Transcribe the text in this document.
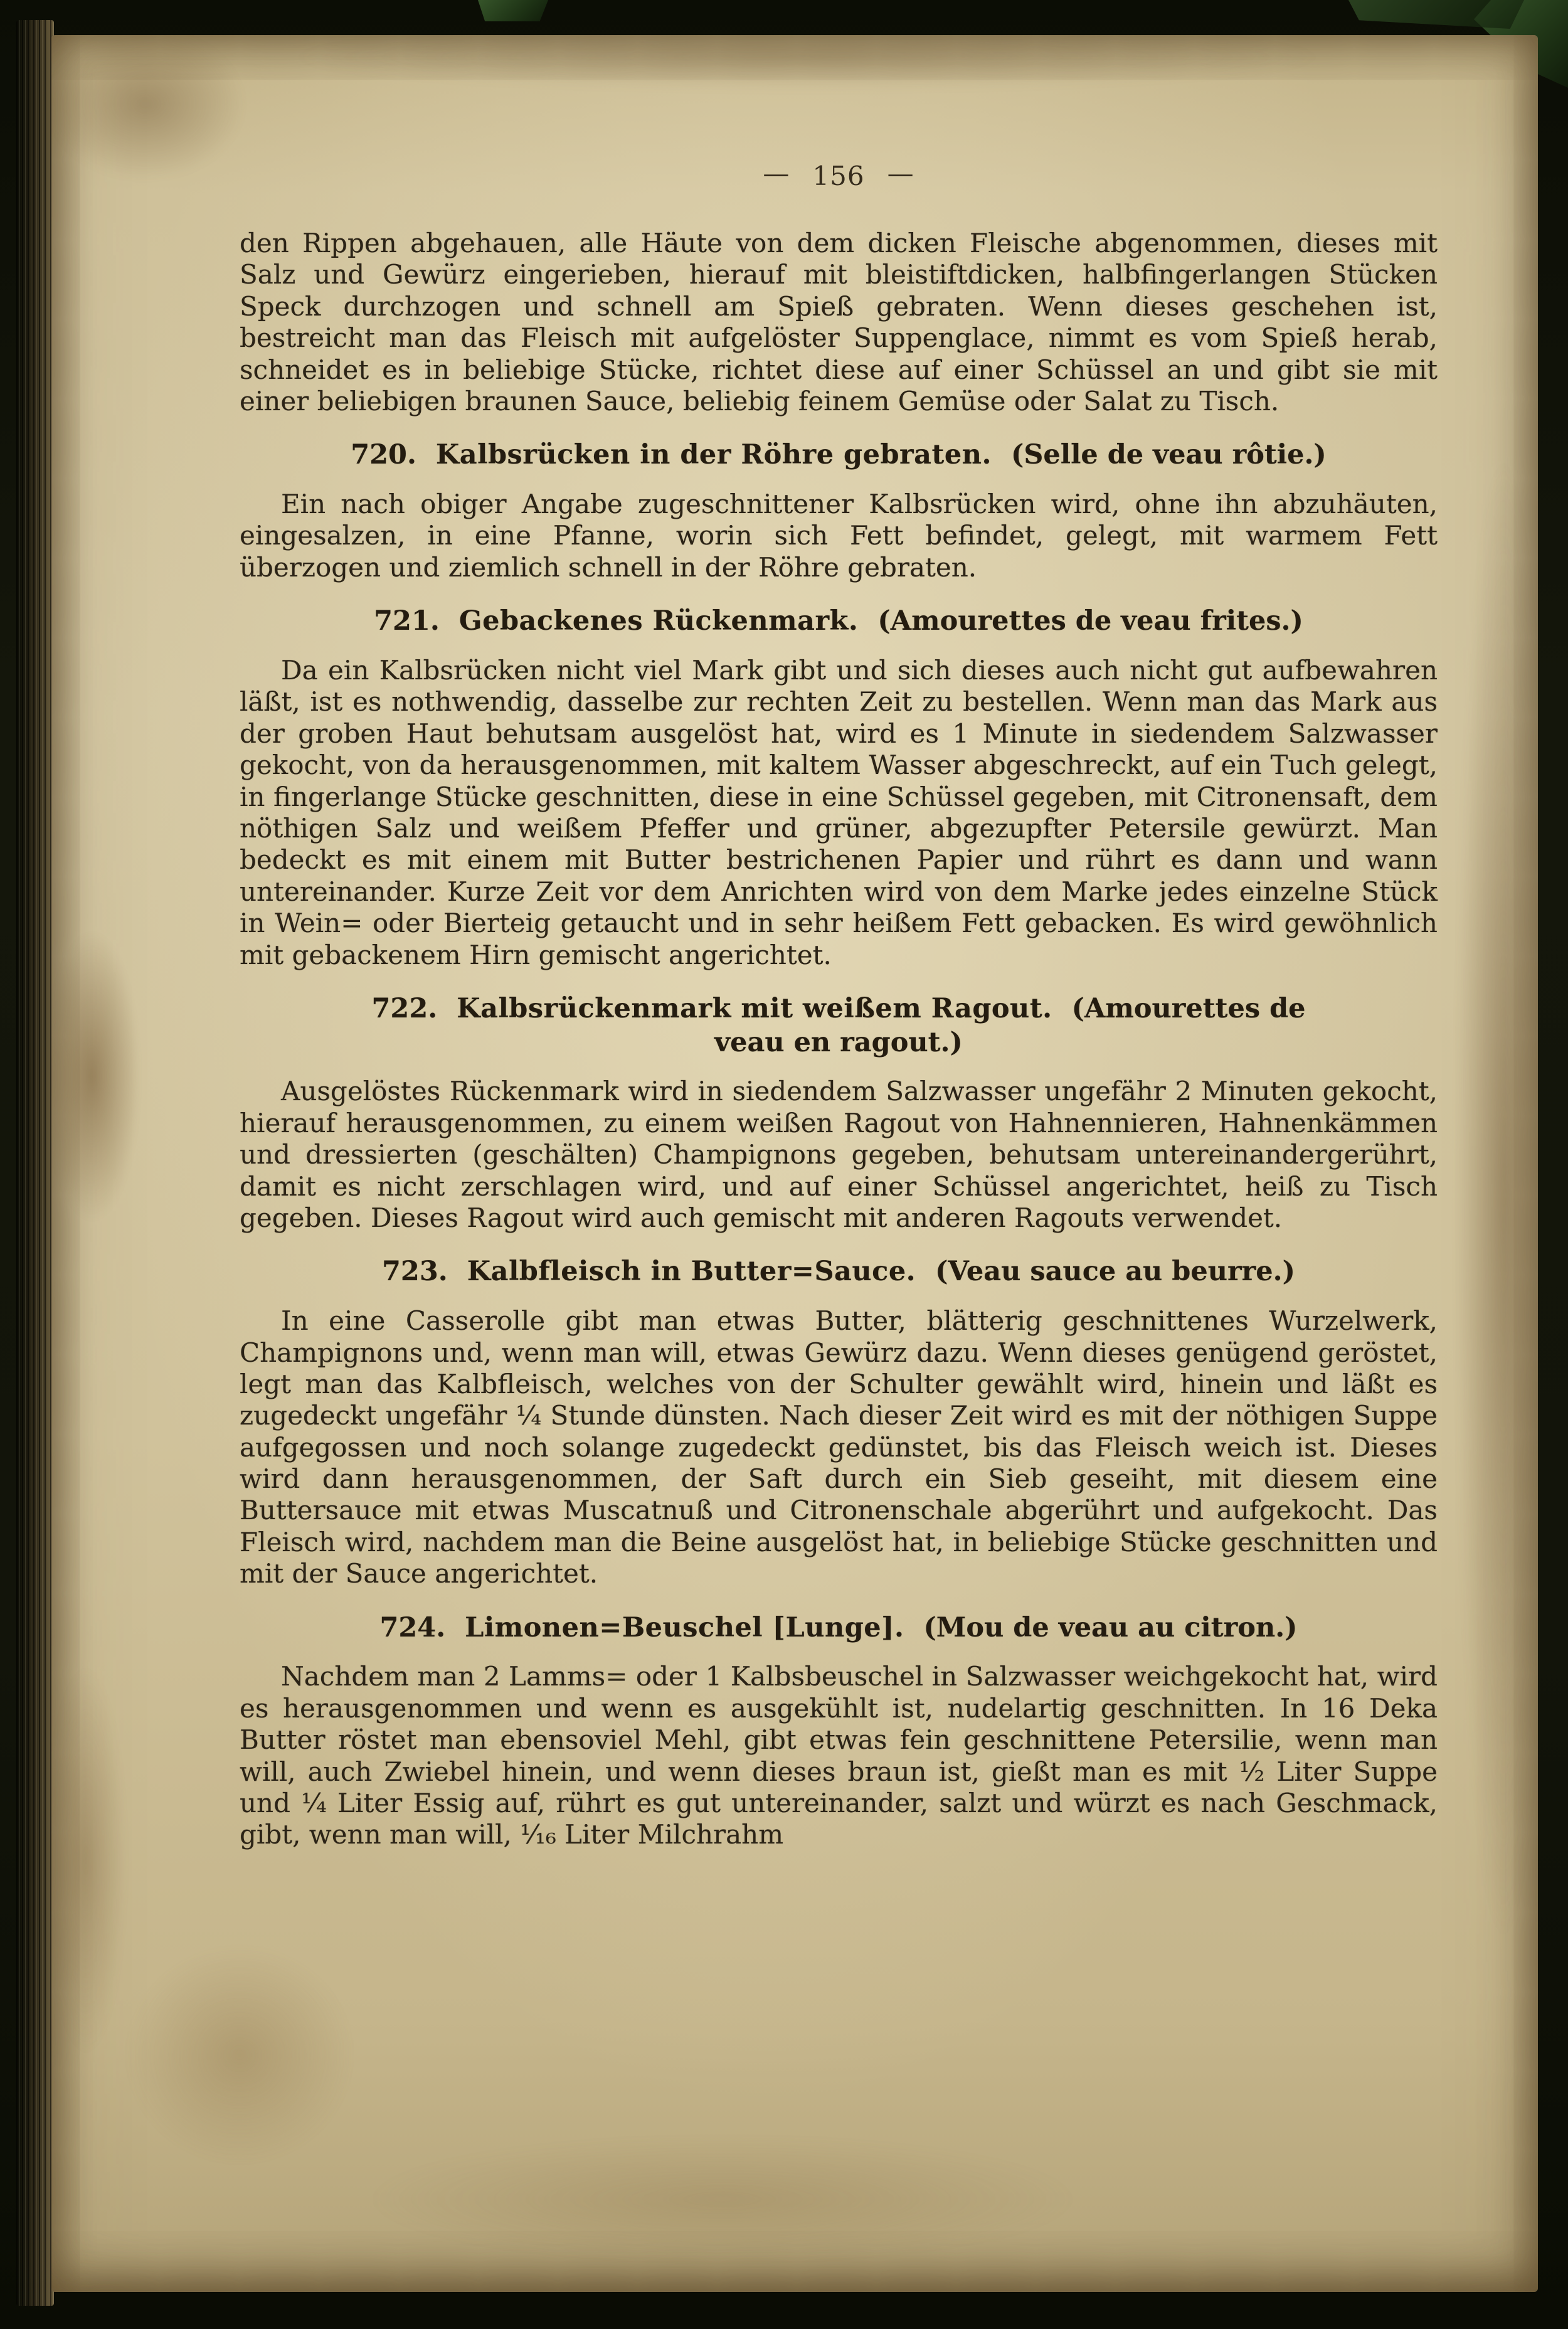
— 156 —

den Rippen abgehauen, alle Häute von dem dicken Fleische abgenommen, dieses mit Salz und Gewürz eingerieben, hierauf mit bleistiftdicken, halbfingerlangen Stücken Speck durchzogen und schnell am Spieß gebraten. Wenn dieses geschehen ist, bestreicht man das Fleisch mit aufgelöster Suppenglace, nimmt es vom Spieß herab, schneidet es in beliebige Stücke, richtet diese auf einer Schüssel an und gibt sie mit einer beliebigen braunen Sauce, beliebig feinem Gemüse oder Salat zu Tisch.

720. Kalbsrücken in der Röhre gebraten. (Selle de veau rôtie.)

Ein nach obiger Angabe zugeschnittener Kalbsrücken wird, ohne ihn abzuhäuten, eingesalzen, in eine Pfanne, worin sich Fett befindet, gelegt, mit warmem Fett überzogen und ziemlich schnell in der Röhre gebraten.

721. Gebackenes Rückenmark. (Amourettes de veau frites.)

Da ein Kalbsrücken nicht viel Mark gibt und sich dieses auch nicht gut aufbewahren läßt, ist es nothwendig, dasselbe zur rechten Zeit zu bestellen. Wenn man das Mark aus der groben Haut behutsam ausgelöst hat, wird es 1 Minute in siedendem Salzwasser gekocht, von da herausgenommen, mit kaltem Wasser abgeschreckt, auf ein Tuch gelegt, in fingerlange Stücke geschnitten, diese in eine Schüssel gegeben, mit Citronensaft, dem nöthigen Salz und weißem Pfeffer und grüner, abgezupfter Petersile gewürzt. Man bedeckt es mit einem mit Butter bestrichenen Papier und rührt es dann und wann untereinander. Kurze Zeit vor dem Anrichten wird von dem Marke jedes einzelne Stück in Wein= oder Bierteig getaucht und in sehr heißem Fett gebacken. Es wird gewöhnlich mit gebackenem Hirn gemischt angerichtet.

722. Kalbsrückenmark mit weißem Ragout. (Amourettes de veau en ragout.)

Ausgelöstes Rückenmark wird in siedendem Salzwasser ungefähr 2 Minuten gekocht, hierauf herausgenommen, zu einem weißen Ragout von Hahnennieren, Hahnenkämmen und dressierten (geschälten) Champignons gegeben, behutsam untereinandergerührt, damit es nicht zerschlagen wird, und auf einer Schüssel angerichtet, heiß zu Tisch gegeben. Dieses Ragout wird auch gemischt mit anderen Ragouts verwendet.

723. Kalbfleisch in Butter=Sauce. (Veau sauce au beurre.)

In eine Casserolle gibt man etwas Butter, blätterig geschnittenes Wurzelwerk, Champignons und, wenn man will, etwas Gewürz dazu. Wenn dieses genügend geröstet, legt man das Kalbfleisch, welches von der Schulter gewählt wird, hinein und läßt es zugedeckt ungefähr ¹⁄₄ Stunde dünsten. Nach dieser Zeit wird es mit der nöthigen Suppe aufgegossen und noch solange zugedeckt gedünstet, bis das Fleisch weich ist. Dieses wird dann herausgenommen, der Saft durch ein Sieb geseiht, mit diesem eine Buttersauce mit etwas Muscatnuß und Citronenschale abgerührt und aufgekocht. Das Fleisch wird, nachdem man die Beine ausgelöst hat, in beliebige Stücke geschnitten und mit der Sauce angerichtet.

724. Limonen=Beuschel [Lunge]. (Mou de veau au citron.)

Nachdem man 2 Lamms= oder 1 Kalbsbeuschel in Salzwasser weichgekocht hat, wird es herausgenommen und wenn es ausgekühlt ist, nudelartig geschnitten. In 16 Deka Butter röstet man ebensoviel Mehl, gibt etwas fein geschnittene Petersilie, wenn man will, auch Zwiebel hinein, und wenn dieses braun ist, gießt man es mit ¹⁄₂ Liter Suppe und ¹⁄₄ Liter Essig auf, rührt es gut untereinander, salzt und würzt es nach Geschmack, gibt, wenn man will, ¹⁄₁₆ Liter Milchrahm
